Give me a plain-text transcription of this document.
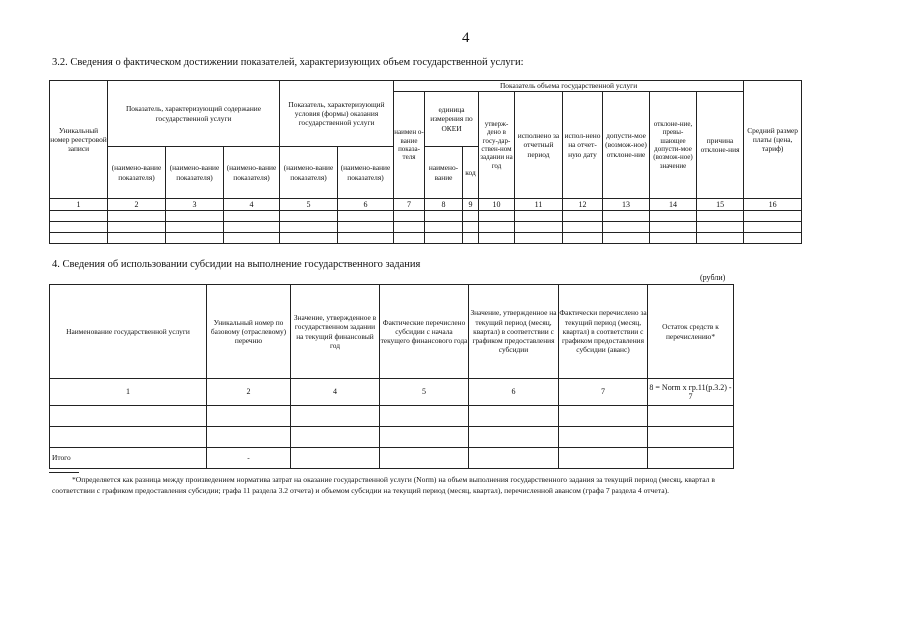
4
3.2. Сведения о фактическом достижении показателей, характеризующих объем государственной услуги:
Уникальный номер реестровой записи	Показатель, характеризующий содержание государственной услуги			Показатель, характеризующий условия (формы) оказания государственной услуги		Показатель объема государственной услуги									Средний размер платы (цена, тариф)
						наимен о-вание показа-теля	единица измерения по ОКЕИ		утверж-дено в госу-дар-ствен-ном задании на год	исполнено за отчетный период	испол-нено на отчет-ную дату	допусти-мое (возмож-ное) отклоне-ние	отклоне-ние, превы-шающее допусти-мое (возмож-ное) значение	причина отклоне-ния	
	(наимено-вание показателя)	(наимено-вание показателя)	(наимено-вание показателя)	(наимено-вание показателя)	(наимено-вание показателя)		наимено-вание	код							
1	2	3	4	5	6	7	8	9	10	11	12	13	14	15	16

4. Сведения об использовании субсидии на выполнение государственного задания
(рубли)
Наименование государственной услуги	Уникальный номер по базовому (отраслевому) перечню	Значение, утвержденное в государственном задании на текущий финансовый год	Фактические перечислено субсидии с начала текущего финансового года	Значение, утвержденное на текущий период (месяц, квартал) в соответствии с графиком предоставления субсидии	Фактически перечислено за текущий период (месяц, квартал) в соответствии с графиком предоставления субсидии (аванс)	Остаток средств к перечислению*
1	2	4	5	6	7	8 = Norm х гр.11(р.3.2) - 7

Итого	-					
*Определяется как разница между произведением норматива затрат на оказание государственной услуги (Norm) на объем выполнения государственного задания за текущий период (месяц, квартал в соответствии с графиком предоставления субсидии; графа 11 раздела 3.2 отчета) и объемом субсидии на текущий период (месяц, квартал), перечисленной авансом (графа 7 раздела 4 отчета).
